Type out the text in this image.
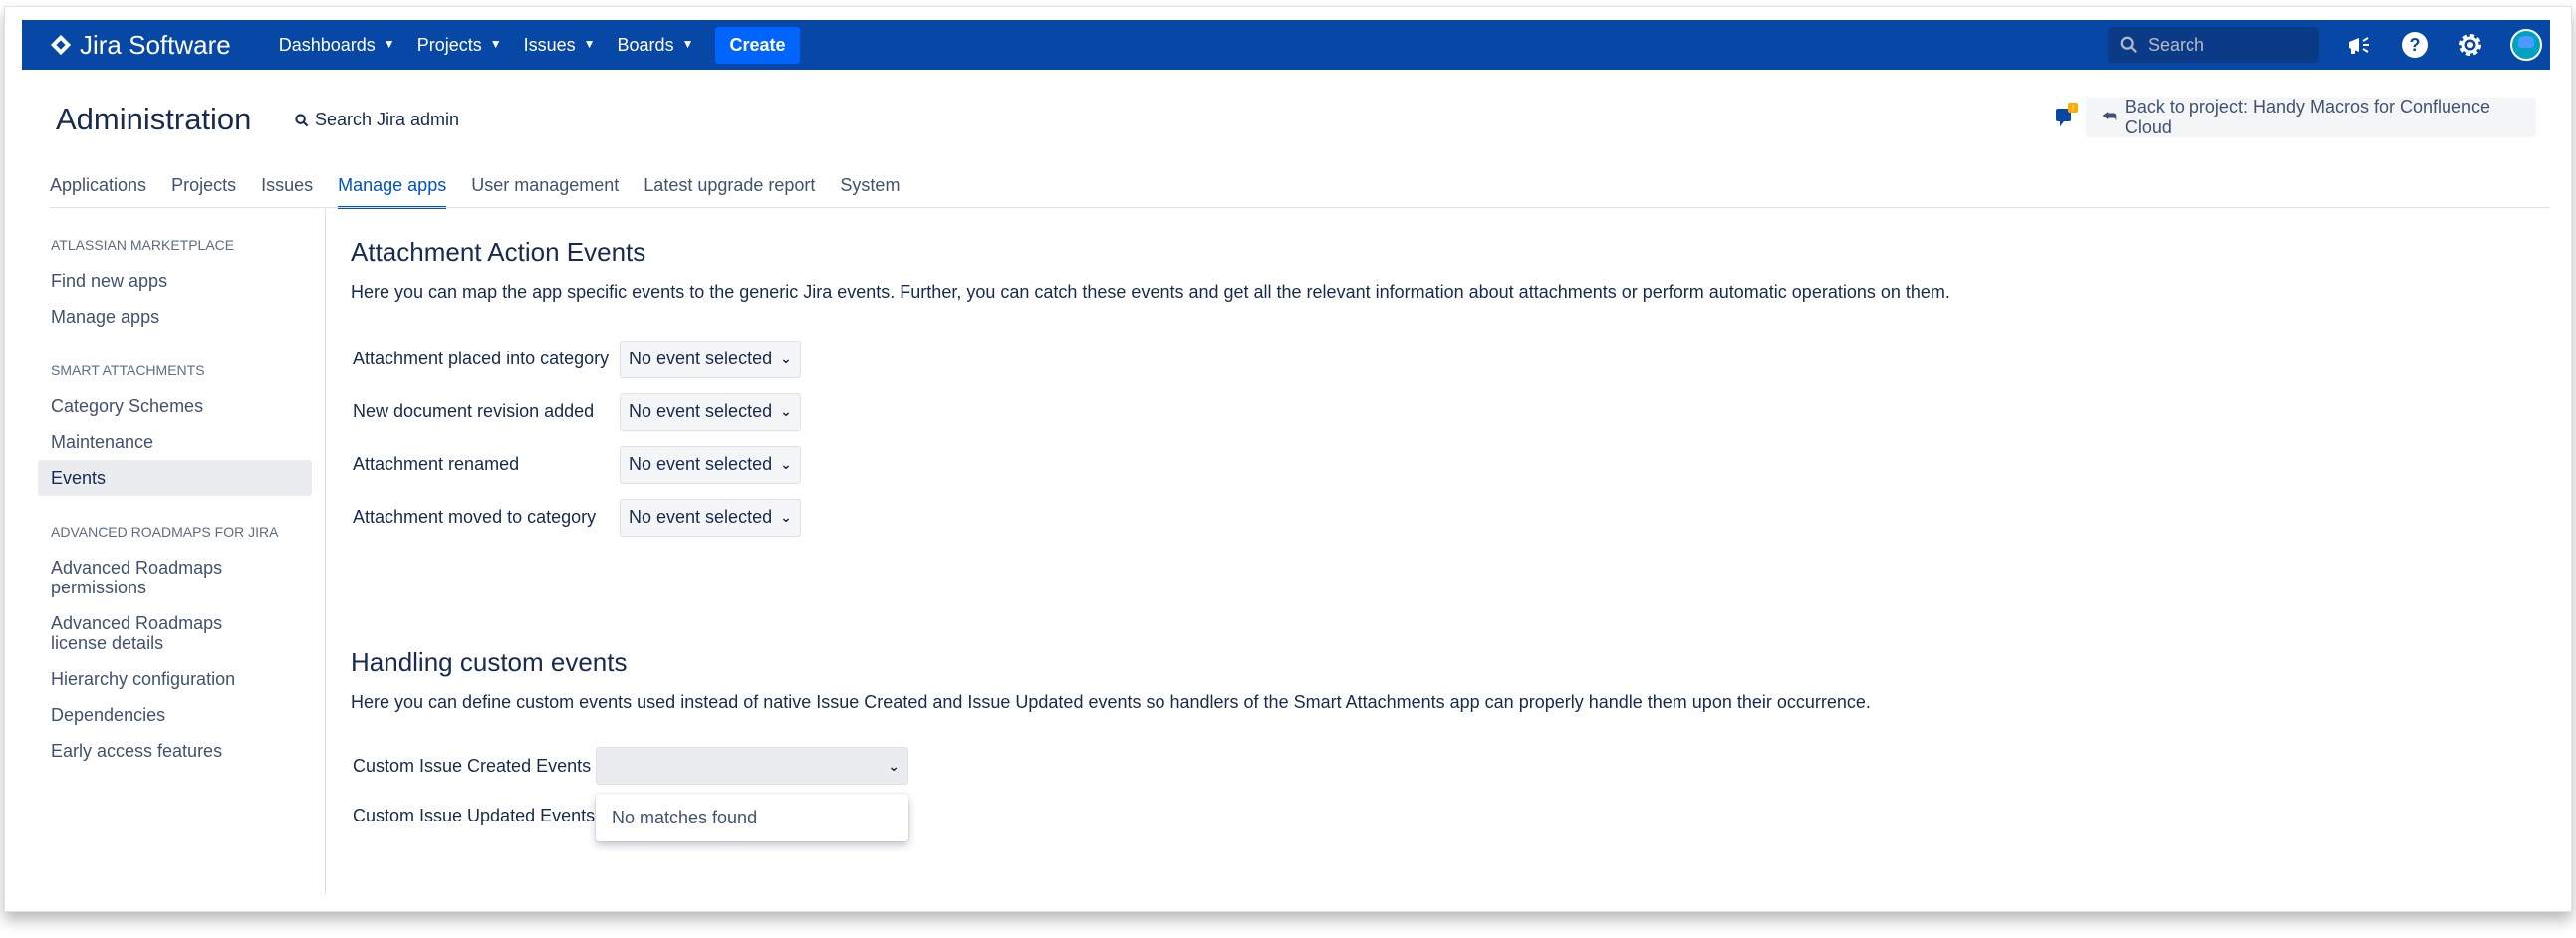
Jira Software	Dashboards ▼ Projects ▼ Issues ▼ Boards ▼	Create	Search	?
Administration	Search Jira admin
!
⮪
Back to project: Handy Macros for Confluence Cloud
Applications Projects Issues Manage apps User management Latest upgrade report System
ATLASSIAN MARKETPLACE
Find new apps
Manage apps
SMART ATTACHMENTS
Category Schemes
Maintenance
Events
ADVANCED ROADMAPS FOR JIRA
Advanced Roadmaps permissions
Advanced Roadmaps license details
Hierarchy configuration
Dependencies
Early access features
Attachment Action Events
Here you can map the app specific events to the generic Jira events. Further, you can catch these events and get all the relevant information about attachments or perform automatic operations on them.
Attachment placed into category	No event selected ⌄
New document revision added	No event selected ⌄
Attachment renamed	No event selected ⌄
Attachment moved to category	No event selected ⌄
Handling custom events
Here you can define custom events used instead of native Issue Created and Issue Updated events so handlers of the Smart Attachments app can properly handle them upon their occurrence.
Custom Issue Created Events	⌄
Custom Issue Updated Events No matches found
